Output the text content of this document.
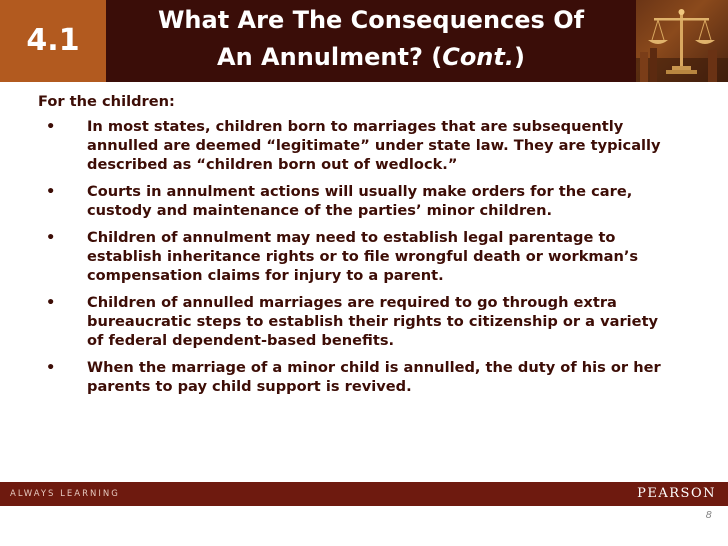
4.1
What Are The Consequences Of
An Annulment? (Cont.)

For the children:

• In most states, children born to marriages that are subsequently annulled are deemed “legitimate” under state law. They are typically described as “children born out of wedlock.”
• Courts in annulment actions will usually make orders for the care, custody and maintenance of the parties’ minor children.
• Children of annulment may need to establish legal parentage to establish inheritance rights or to file wrongful death or workman’s compensation claims for injury to a parent.
• Children of annulled marriages are required to go through extra bureaucratic steps to establish their rights to citizenship or a variety of federal dependent-based benefits.
• When the marriage of a minor child is annulled, the duty of his or her parents to pay child support is revived.
ALWAYS LEARNING	PEARSON
8
